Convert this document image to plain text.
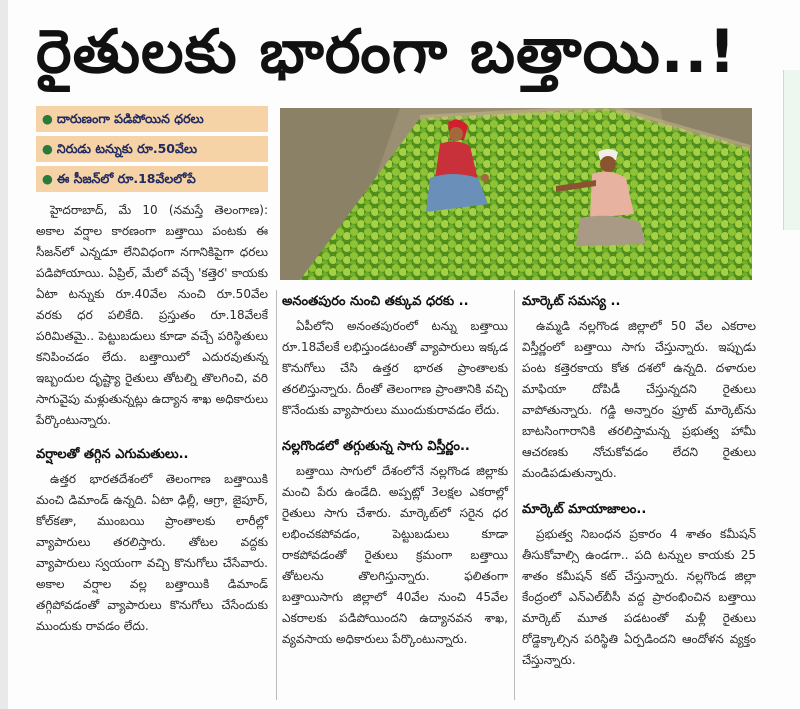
రైతులకు భారంగా బత్తాయి..!
● దారుణంగా పడిపోయిన ధరలు
● నిరుడు టన్నుకు రూ.50వేలు
● ఈ సీజన్‌లో రూ.18వేలలోపే

హైదరాబాద్, మే 10 (నమస్తే తెలంగాణ): అకాల వర్షాల కారణంగా బత్తాయి పంటకు ఈ సీజన్‌లో ఎన్నడూ లేనివిధంగా నగానికిపైగా ధరలు పడిపోయాయి. ఏప్రిల్, మేలో వచ్చే 'కత్తెర' కాయకు ఏటా టన్నుకు రూ.40వేల నుంచి రూ.50వేల వరకు ధర పలికేది. ప్రస్తుతం రూ.18వేలకే పరిమితమై.. పెట్టుబడులు కూడా వచ్చే పరిస్థితులు కనిపించడం లేదు. బత్తాయిలో ఎదురవుతున్న ఇబ్బందుల దృష్ట్యా రైతులు తోటల్ని తొలగించి, వరి సాగువైపు మళ్లుతున్నట్లు ఉద్యాన శాఖ అధికారులు పేర్కొంటున్నారు.

వర్షాలతో తగ్గిన ఎగుమతులు..

ఉత్తర భారతదేశంలో తెలంగాణ బత్తాయికి మంచి డిమాండ్ ఉన్నది. ఏటా ఢిల్లీ, ఆగ్రా, జైపూర్, కోల్‌కతా, ముంబయి ప్రాంతాలకు లారీల్లో వ్యాపారులు తరలిస్తారు. తోటల వద్దకు వ్యాపారులు స్వయంగా వచ్చి కొనుగోలు చేసేవారు. అకాల వర్షాల వల్ల బత్తాయికి డిమాండ్ తగ్గిపోవడంతో వ్యాపారులు కొనుగోలు చేసేందుకు ముందుకు రావడం లేదు.

అనంతపురం నుంచి తక్కువ ధరకు ..

ఏపీలోని అనంతపురంలో టన్ను బత్తాయి రూ.18వేలకే లభిస్తుండటంతో వ్యాపారులు ఇక్కడ కొనుగోలు చేసి ఉత్తర భారత ప్రాంతాలకు తరలిస్తున్నారు. దీంతో తెలంగాణ ప్రాంతానికి వచ్చి కొనేందుకు వ్యాపారులు ముందుకురావడం లేదు.

నల్లగొండలో తగ్గుతున్న సాగు విస్తీర్ణం..

బత్తాయి సాగులో దేశంలోనే నల్లగొండ జిల్లాకు మంచి పేరు ఉండేది. అప్పట్లో 3లక్షల ఎకరాల్లో రైతులు సాగు చేశారు. మార్కెట్‌లో సరైన ధర లభించకపోవడం, పెట్టుబడులు కూడా రాకపోవడంతో రైతులు క్రమంగా బత్తాయి తోటలను తొలగిస్తున్నారు. ఫలితంగా బత్తాయిసాగు జిల్లాలో 40వేల నుంచి 45వేల ఎకరాలకు పడిపోయిందని ఉద్యానవన శాఖ, వ్యవసాయ అధికారులు పేర్కొంటున్నారు.

మార్కెట్ సమస్య ..

ఉమ్మడి నల్లగొండ జిల్లాలో 50 వేల ఎకరాల విస్తీర్ణంలో బత్తాయి సాగు చేస్తున్నారు. ఇప్పుడు పంట కత్తెరకాయ కోత దశలో ఉన్నది. దళారుల మాఫియా దోపిడీ చేస్తున్నదని రైతులు వాపోతున్నారు. గడ్డి అన్నారం ఫ్రూట్ మార్కెట్‌ను బాటసింగారానికి తరలిస్తామన్న ప్రభుత్వ హామీ ఆచరణకు నోచుకోవడం లేదని రైతులు మండిపడుతున్నారు.

మార్కెట్ మాయాజాలం..

ప్రభుత్వ నిబంధన ప్రకారం 4 శాతం కమీషన్ తీసుకోవాల్సి ఉండగా.. పది టన్నుల కాయకు 25 శాతం కమీషన్ కట్ చేస్తున్నారు. నల్లగొండ జిల్లా కేంద్రంలో ఎన్‌ఎల్‌బీసీ వద్ద ప్రారంభించిన బత్తాయి మార్కెట్ మూత పడటంతో మళ్లీ రైతులు రోడ్డెక్కాల్సిన పరిస్థితి ఏర్పడిందని ఆందోళన వ్యక్తం చేస్తున్నారు.
